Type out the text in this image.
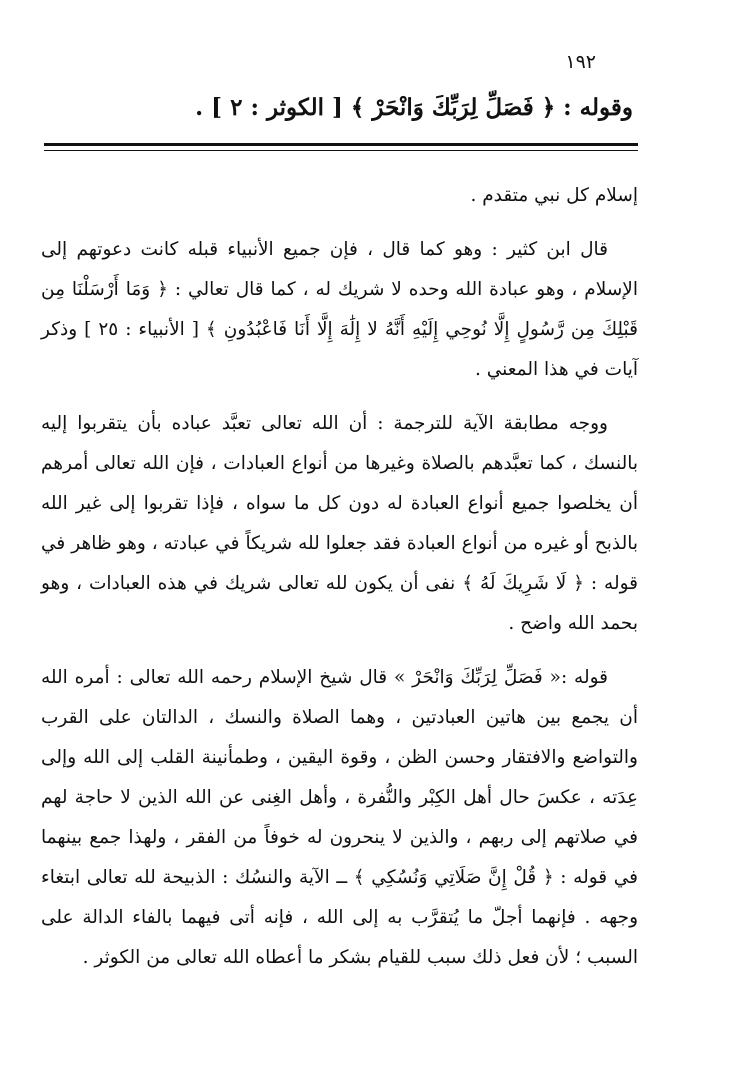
١٩٢
وقوله : ﴿ فَصَلِّ لِرَبِّكَ وَانْحَرْ ﴾ [ الكوثر : ٢ ] .

إسلام كل نبي متقدم .

قال ابن كثير : وهو كما قال ، فإن جميع الأنبياء قبله كانت دعوتهم إلى الإسلام ، وهو عبادة الله وحده لا شريك له ، كما قال تعالي : ﴿ وَمَا أَرْسَلْنَا مِن قَبْلِكَ مِن رَّسُولٍ إِلَّا نُوحِي إِلَيْهِ أَنَّهُ لا إِلَٰهَ إِلَّا أَنَا فَاعْبُدُونِ ﴾ [ الأنبياء : ٢٥ ] وذكر آيات في هذا المعني .

ووجه مطابقة الآية للترجمة : أن الله تعالى تعبَّد عباده بأن يتقربوا إليه بالنسك ، كما تعبَّدهم بالصلاة وغيرها من أنواع العبادات ، فإن الله تعالى أمرهم أن يخلصوا جميع أنواع العبادة له دون كل ما سواه ، فإذا تقربوا إلى غير الله بالذبح أو غيره من أنواع العبادة فقد جعلوا لله شريكاً في عبادته ، وهو ظاهر في قوله : ﴿ لَا شَرِيكَ لَهُ ﴾ نفى أن يكون لله تعالى شريك في هذه العبادات ، وهو بحمد الله واضح .

قوله :« فَصَلِّ لِرَبِّكَ وَانْحَرْ » قال شيخ الإسلام رحمه الله تعالى : أمره الله أن يجمع بين هاتين العبادتين ، وهما الصلاة والنسك ، الدالتان على القرب والتواضع والافتقار وحسن الظن ، وقوة اليقين ، وطمأنينة القلب إلى الله وإلى عِدَته ، عكسَ حال أهل الكِبْر والنُّفرة ، وأهل الغِنى عن الله الذين لا حاجة لهم في صلاتهم إلى ربهم ، والذين لا ينحرون له خوفاً من الفقر ، ولهذا جمع بينهما في قوله : ﴿ قُلْ إِنَّ صَلَاتِي وَنُسُكِي ﴾ ــ الآية والنسُك : الذبيحة لله تعالى ابتغاء وجهه . فإنهما أجلّ ما يُتقرَّب به إلى الله ، فإنه أتى فيهما بالفاء الدالة على السبب ؛ لأن فعل ذلك سبب للقيام بشكر ما أعطاه الله تعالى من الكوثر .
